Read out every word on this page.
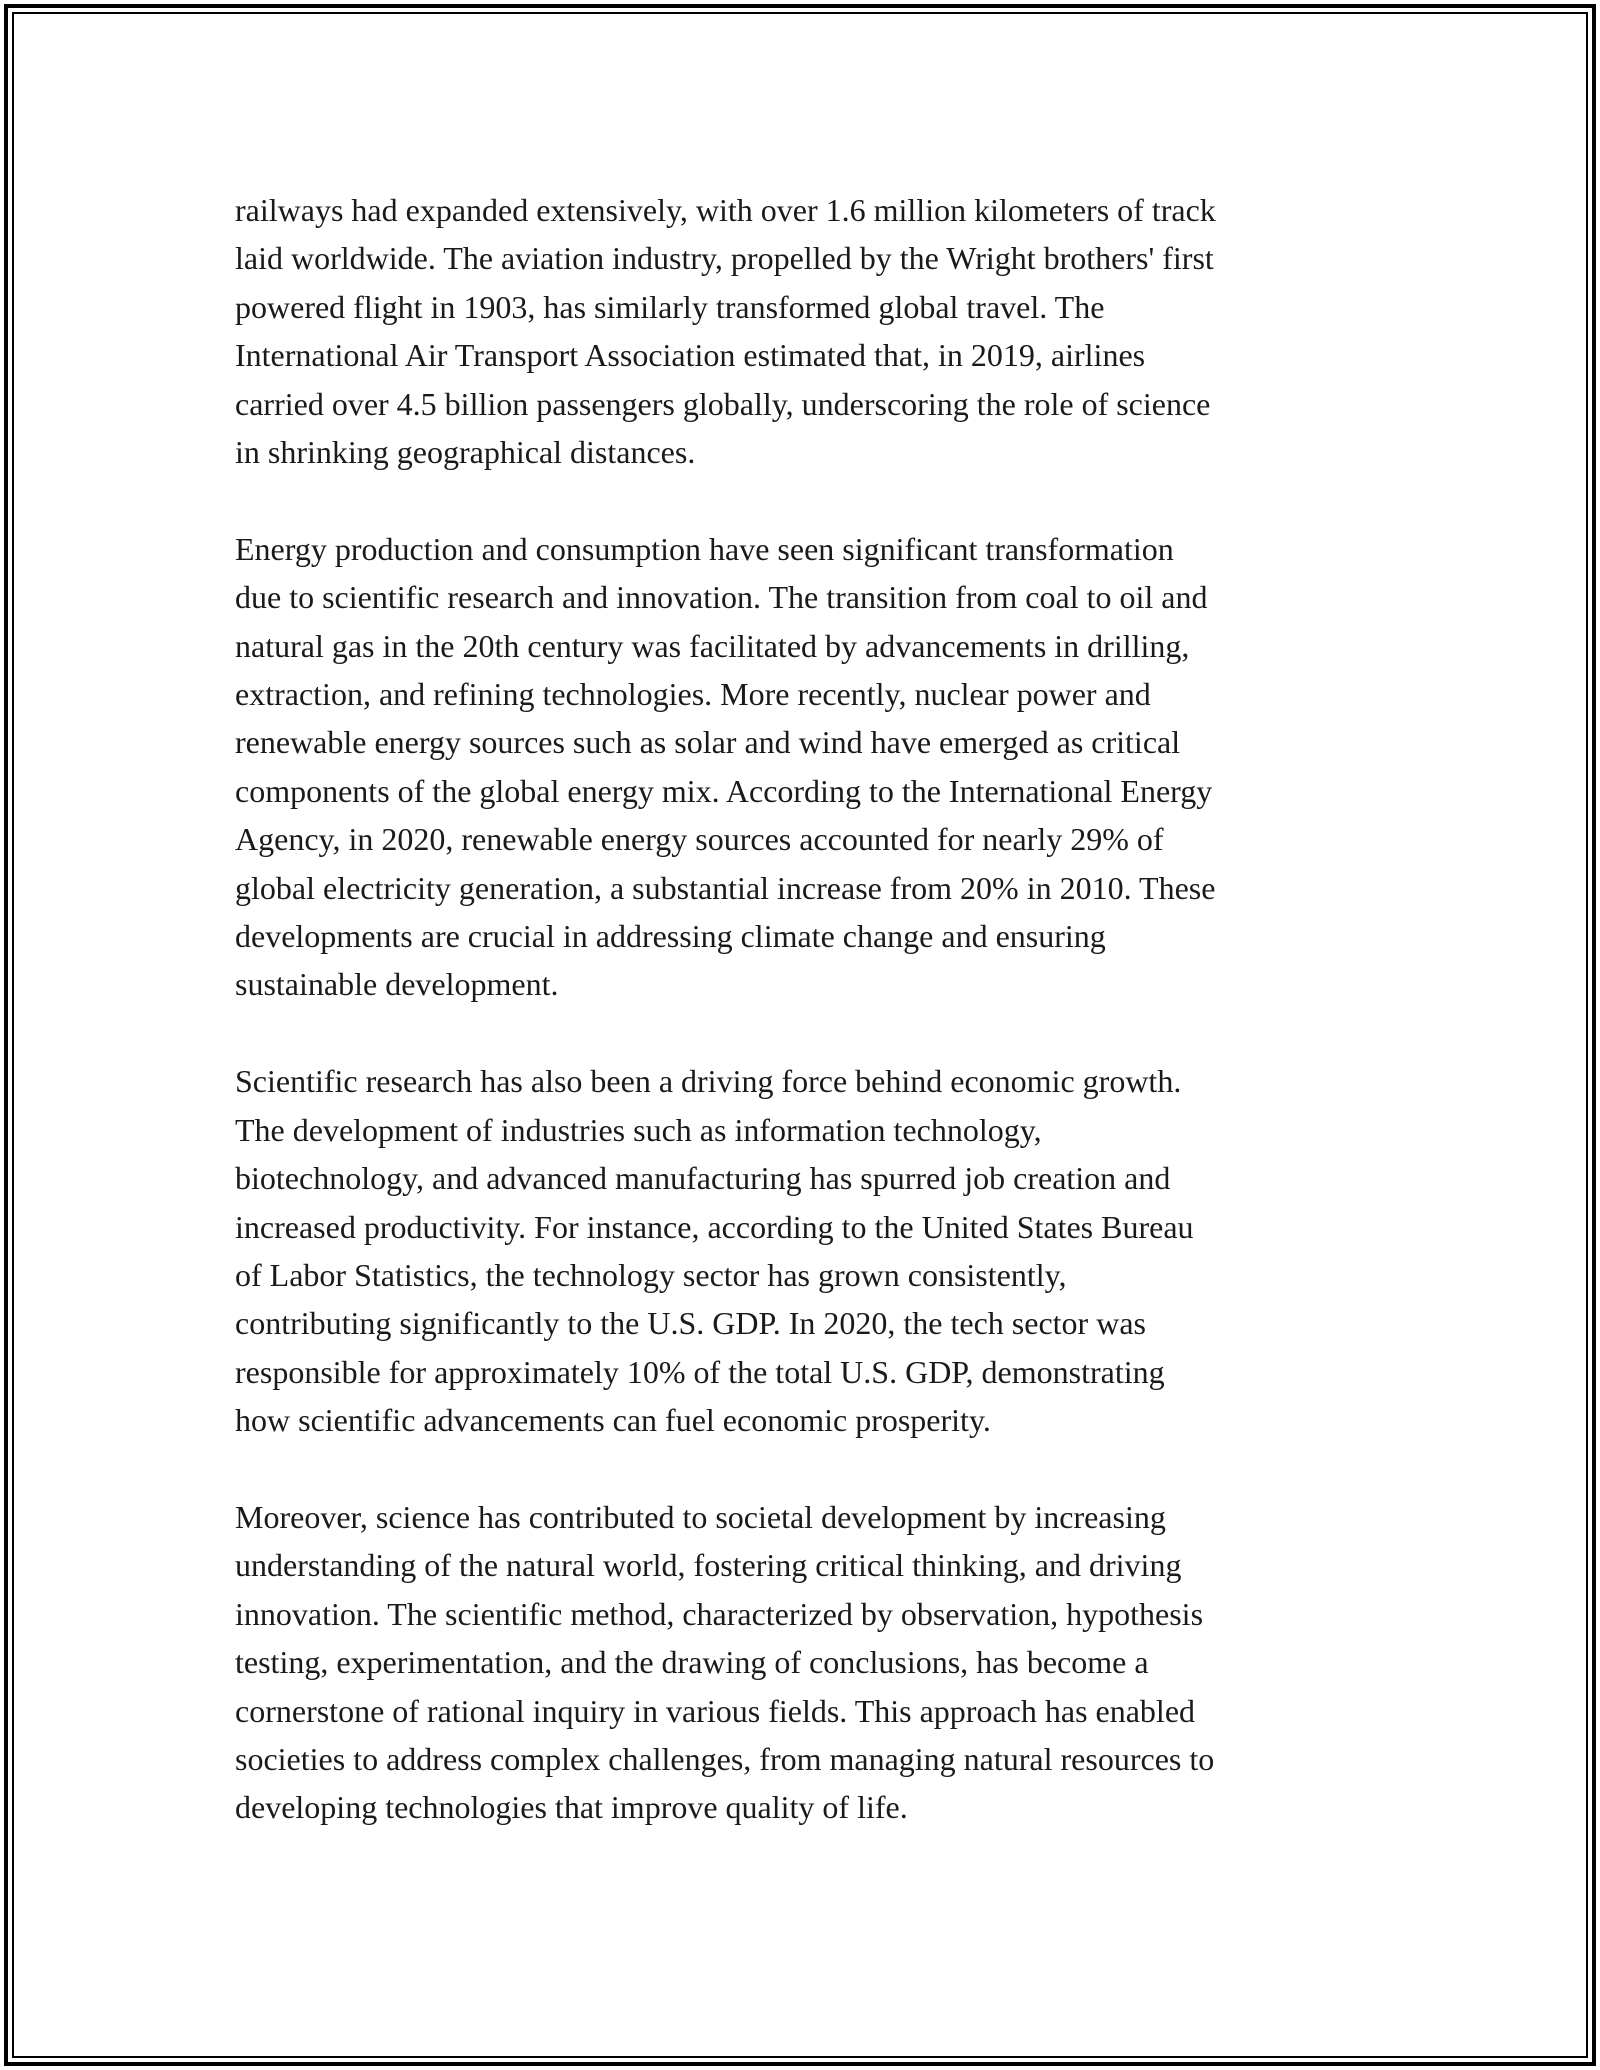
railways had expanded extensively, with over 1.6 million kilometers of track
laid worldwide. The aviation industry, propelled by the Wright brothers' first
powered flight in 1903, has similarly transformed global travel. The
International Air Transport Association estimated that, in 2019, airlines
carried over 4.5 billion passengers globally, underscoring the role of science
in shrinking geographical distances.

Energy production and consumption have seen significant transformation
due to scientific research and innovation. The transition from coal to oil and
natural gas in the 20th century was facilitated by advancements in drilling,
extraction, and refining technologies. More recently, nuclear power and
renewable energy sources such as solar and wind have emerged as critical
components of the global energy mix. According to the International Energy
Agency, in 2020, renewable energy sources accounted for nearly 29% of
global electricity generation, a substantial increase from 20% in 2010. These
developments are crucial in addressing climate change and ensuring
sustainable development.

Scientific research has also been a driving force behind economic growth.
The development of industries such as information technology,
biotechnology, and advanced manufacturing has spurred job creation and
increased productivity. For instance, according to the United States Bureau
of Labor Statistics, the technology sector has grown consistently,
contributing significantly to the U.S. GDP. In 2020, the tech sector was
responsible for approximately 10% of the total U.S. GDP, demonstrating
how scientific advancements can fuel economic prosperity.

Moreover, science has contributed to societal development by increasing
understanding of the natural world, fostering critical thinking, and driving
innovation. The scientific method, characterized by observation, hypothesis
testing, experimentation, and the drawing of conclusions, has become a
cornerstone of rational inquiry in various fields. This approach has enabled
societies to address complex challenges, from managing natural resources to
developing technologies that improve quality of life.
